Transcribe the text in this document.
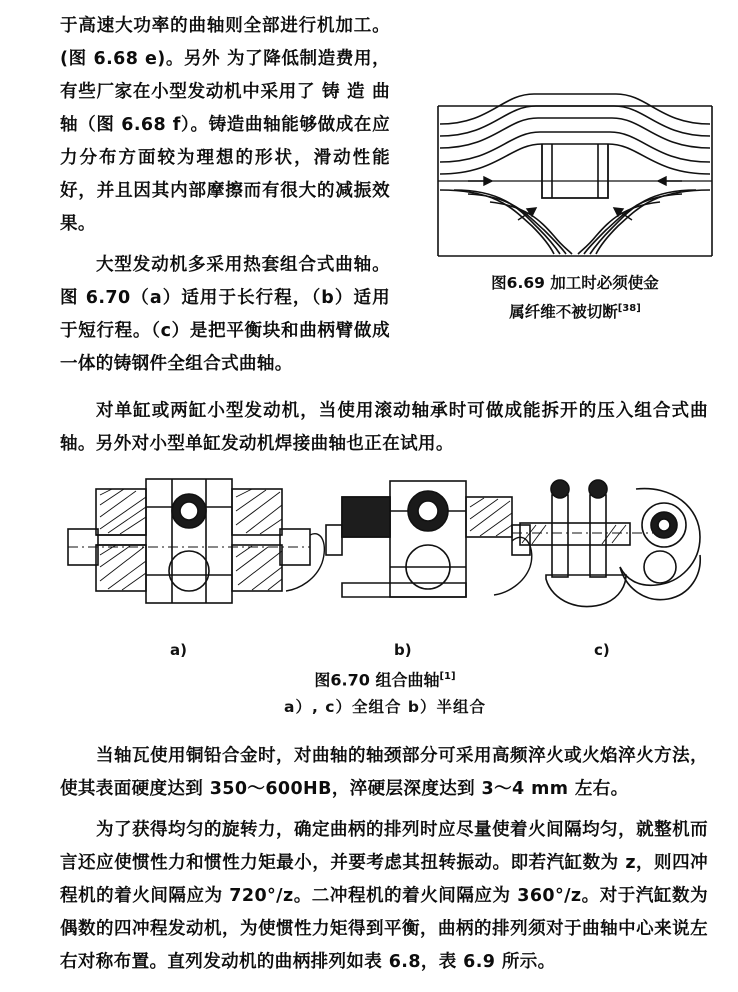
图6.69 加工时必须使金
属纤维不被切断[38]

于高速大功率的曲轴则全部进行机加工。(图 6.68 e)。另外 为了降低制造费用，有些厂家在小型发动机中采用了 铸 造 曲 轴（图 6.68 f）。铸造曲轴能够做成在应力分布方面较为理想的形状，滑动性能好，并且因其内部摩擦而有很大的减振效果。

大型发动机多采用热套组合式曲轴。图 6.70（a）适用于长行程，（b）适用于短行程。（c）是把平衡块和曲柄臂做成一体的铸钢件全组合式曲轴。

对单缸或两缸小型发动机，当使用滚动轴承时可做成能拆开的压入组合式曲轴。另外对小型单缸发动机焊接曲轴也正在试用。

a)	b)	c)
图6.70 组合曲轴[1]
a）, c）全组合 b）半组合

当轴瓦使用铜铅合金时，对曲轴的轴颈部分可采用高频淬火或火焰淬火方法，使其表面硬度达到 350～600HB，淬硬层深度达到 3～4 mm 左右。

为了获得均匀的旋转力，确定曲柄的排列时应尽量使着火间隔均匀，就整机而言还应使惯性力和惯性力矩最小，并要考虑其扭转振动。即若汽缸数为 z，则四冲程机的着火间隔应为 720°/z。二冲程机的着火间隔应为 360°/z。对于汽缸数为偶数的四冲程发动机，为使惯性力矩得到平衡，曲柄的排列须对于曲轴中心来说左右对称布置。直列发动机的曲柄排列如表 6.8，表 6.9 所示。
